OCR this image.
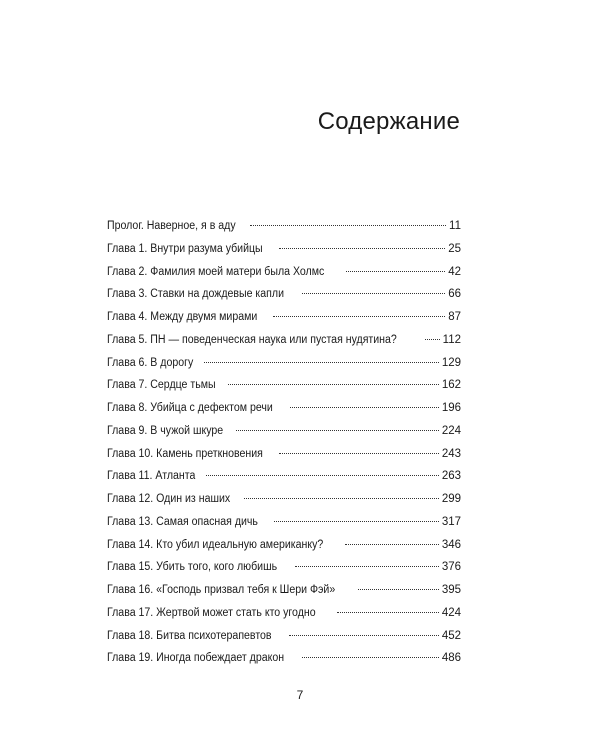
Содержание
Пролог. Наверное, я в аду	11
Глава 1. Внутри разума убийцы	25
Глава 2. Фамилия моей матери была Холмс	42
Глава 3. Ставки на дождевые капли	66
Глава 4. Между двумя мирами	87
Глава 5. ПН — поведенческая наука или пустая нудятина?	112
Глава 6. В дорогу	129
Глава 7. Сердце тьмы	162
Глава 8. Убийца с дефектом речи	196
Глава 9. В чужой шкуре	224
Глава 10. Камень преткновения	243
Глава 11. Атланта	263
Глава 12. Один из наших	299
Глава 13. Самая опасная дичь	317
Глава 14. Кто убил идеальную американку?	346
Глава 15. Убить того, кого любишь	376
Глава 16. «Господь призвал тебя к Шери Фэй»	395
Глава 17. Жертвой может стать кто угодно	424
Глава 18. Битва психотерапевтов	452
Глава 19. Иногда побеждает дракон	486
7
